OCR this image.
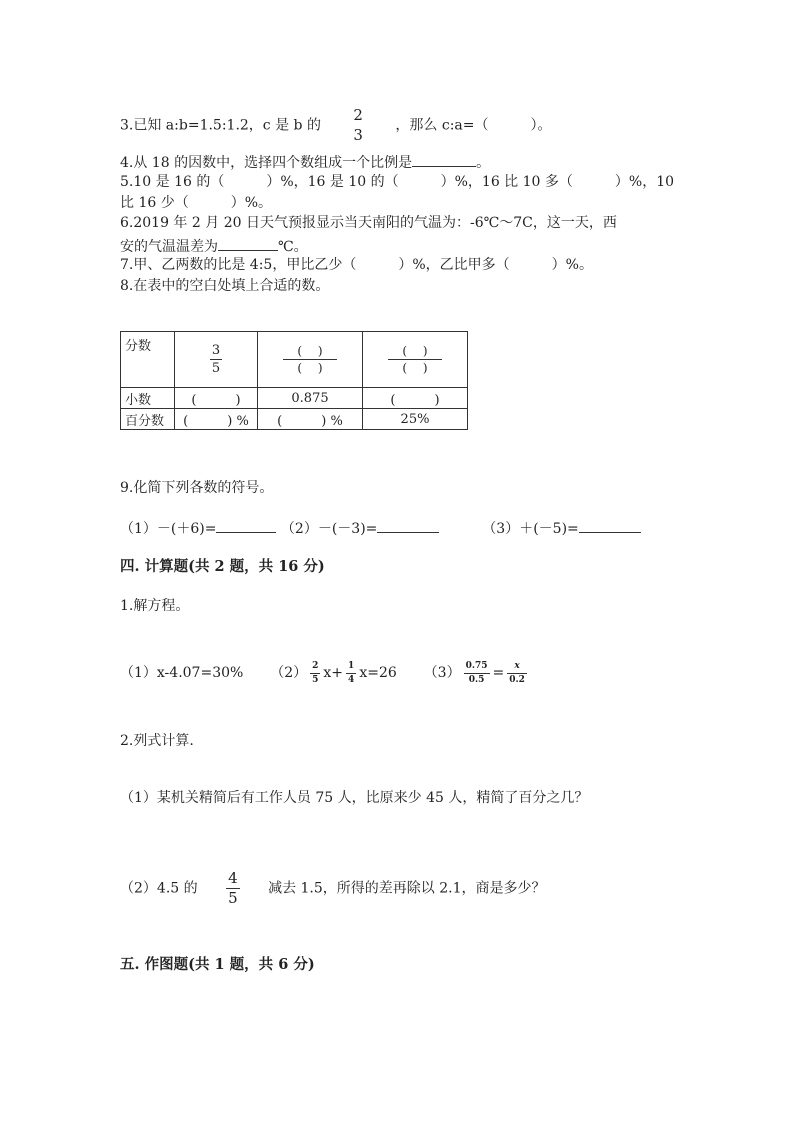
3.已知 a:b=1.5:1.2，c 是 b 的
2
3
，那么 c:a=（　　　）。
4.从 18 的因数中，选择四个数组成一个比例是	。
5.10 是 16 的（　　　）%，16 是 10 的（　　　）%，16 比 10 多（　　　）%，10
比 16 少（　　　）%。
6.2019 年 2 月 20 日天气预报显示当天南阳的气温为：-6℃～7C，这一天，西
安的气温温差为	℃。
7.甲、乙两数的比是 4:5，甲比乙少（　　　）%，乙比甲多（　　　）%。
8.在表中的空白处填上合适的数。
分数	$\frac{3}{5}$	$\frac{( )}{( )}$	$\frac{( )}{( )}$

小数	(　　　)	0.875	(　　　)
百分数	(　　　) %	(　　　) %	25%
9.化简下列各数的符号。
（1）－(＋6)=	（2）－(－3)=	（3）＋(－5)=
四. 计算题(共 2 题，共 16 分)
1.解方程。
（1）x-4.07=30% $(2) \frac{2}{5} x+ \frac{1}{4} x=26$ $(3) \frac{0.75}{0.5} = \frac{x}{0.2}$
2.列式计算.
（1）某机关精简后有工作人员 75 人，比原来少 45 人，精简了百分之几？
（2）4.5 的 $\frac{4}{5}$ 减去 1.5，所得的差再除以 2.1，商是多少？
五. 作图题(共 1 题，共 6 分)
